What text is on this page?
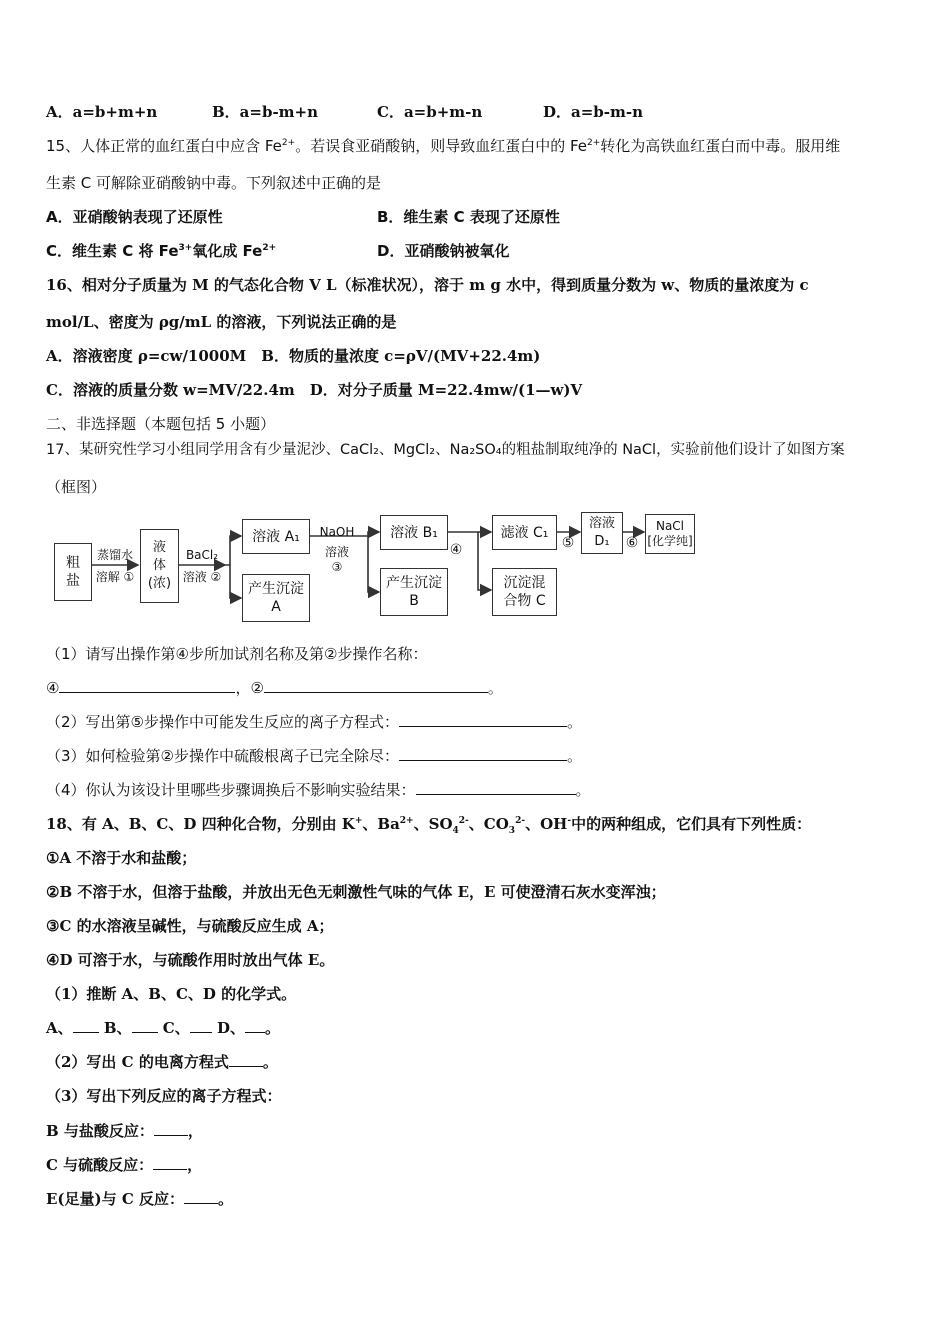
A．a=b+m+n	B．a=b-m+n	C．a=b+m-n	D．a=b-m-n
15、人体正常的血红蛋白中应含 $Fe^{2+}$。若误食亚硝酸钠，则导致血红蛋白中的 $Fe^{2+}$转化为高铁血红蛋白而中毒。服用维
生素 C 可解除亚硝酸钠中毒。下列叙述中正确的是
A．亚硝酸钠表现了还原性	B．维生素 C 表现了还原性
C．维生素 C 将 $Fe^{3+}$氧化成 $Fe^{2+}$	D．亚硝酸钠被氧化
16、相对分子质量为 M 的气态化合物 V L（标准状况），溶于 m g 水中，得到质量分数为 w、物质的量浓度为 c
mol/L、密度为 ρg/mL 的溶液，下列说法正确的是
A．溶液密度 ρ=cw/1000M　B．物质的量浓度 c=ρV/(MV+22.4m)
C．溶液的质量分数 w=MV/22.4m　D．对分子质量 M=22.4mw/(1—w)V
二、非选择题（本题包括 5 小题）
17、某研究性学习小组同学用含有少量泥沙、CaCl₂、MgCl₂、Na₂SO₄的粗盐制取纯净的 NaCl，实验前他们设计了如图方案
（框图）
粗
盐
蒸馏水
溶解 ①
液
体
(浓)
BaCl₂
溶液 ②
溶液 A₁
产生沉淀
A
NaOH
溶液
③
溶液 B₁
产生沉淀
B
④
滤液 C₁
沉淀混
合物 C
⑤
溶液
D₁	⑥
NaCl
[化学纯]
（1）请写出操作第④步所加试剂名称及第②步操作名称：
④	，②	。
（2）写出第⑤步操作中可能发生反应的离子方程式：	。
（3）如何检验第②步操作中硫酸根离子已完全除尽：	。
（4）你认为该设计里哪些步骤调换后不影响实验结果：	。
18、有 A、B、C、D 四种化合物，分别由 K+、$Ba^{2+}$、$SO_4^{2-}$、$CO_3^{2-}$、OH-中的两种组成，它们具有下列性质：
①A 不溶于水和盐酸；
②B 不溶于水，但溶于盐酸，并放出无色无刺激性气味的气体 E，E 可使澄清石灰水变浑浊；
③C 的水溶液呈碱性，与硫酸反应生成 A；
④D 可溶于水，与硫酸作用时放出气体 E。
（1）推断 A、B、C、D 的化学式。
A、 B、 C、 D、 。
（2）写出 C 的电离方程式 。
（3）写出下列反应的离子方程式：
B 与盐酸反应： ，
C 与硫酸反应： ，
E(足量)与 C 反应： 。
